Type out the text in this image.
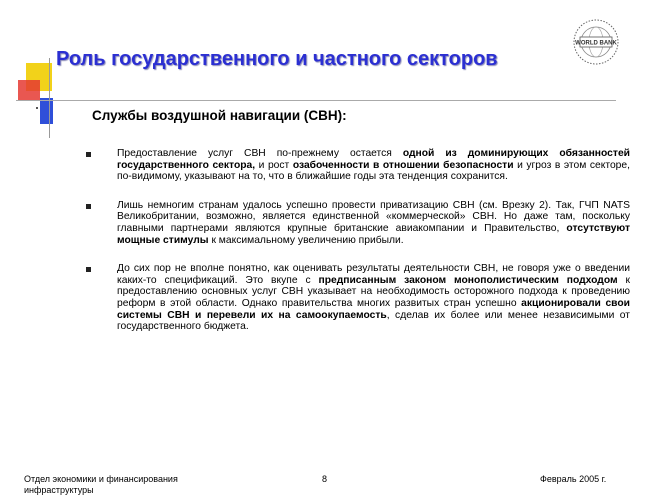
Роль государственного и частного секторов
WORLD BANK
Службы воздушной навигации (СВН):
Предоставление услуг СВН по-прежнему остается одной из доминирующих обязанностей государственного сектора, и рост озабоченности в отношении безопасности и угроз в этом секторе, по-видимому, указывают на то, что в ближайшие годы эта тенденция сохранится.
Лишь немногим странам удалось успешно провести приватизацию СВН (см. Врезку 2). Так, ГЧП NATS Великобритании, возможно, является единственной «коммерческой» СВН. Но даже там, поскольку главными партнерами являются крупные британские авиакомпании и Правительство, отсутствуют мощные стимулы к максимальному увеличению прибыли.
До сих пор не вполне понятно, как оценивать результаты деятельности СВН, не говоря уже о введении каких-то спецификаций. Это вкупе с предписанным законом монополистическим подходом к предоставлению основных услуг СВН указывает на необходимость осторожного подхода к проведению реформ в этой области. Однако правительства многих развитых стран успешно акционировали свои системы СВН и перевели их на самоокупаемость, сделав их более или менее независимыми от государственного бюджета.
Отдел экономики и финансирования инфраструктуры
8	Февраль 2005 г.
